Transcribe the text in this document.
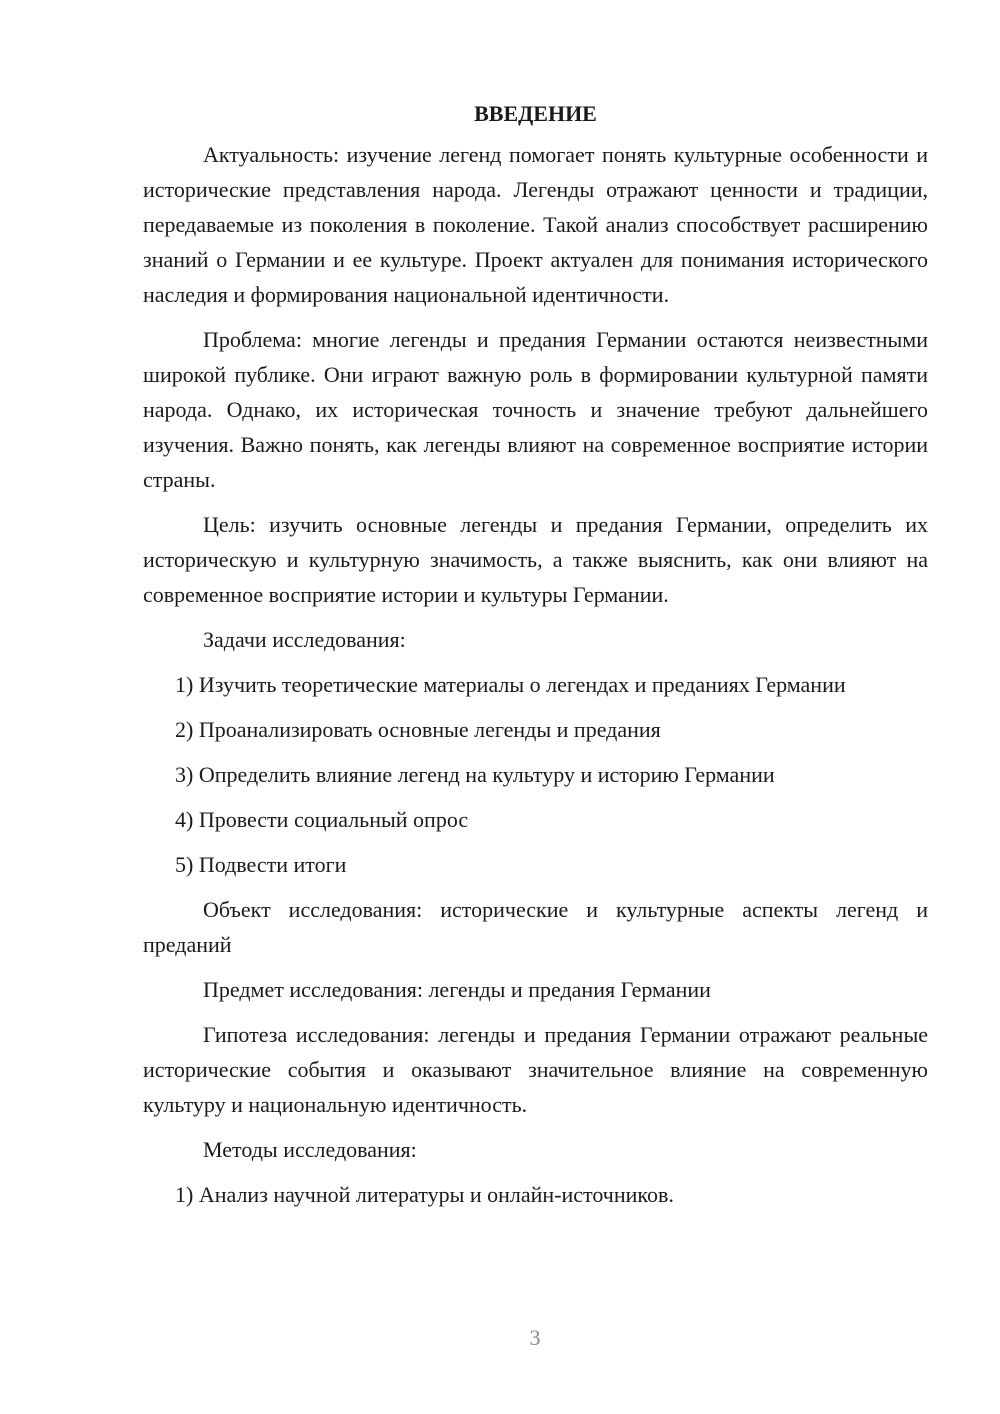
ВВЕДЕНИЕ

Актуальность: изучение легенд помогает понять культурные особенности и исторические представления народа. Легенды отражают ценности и традиции, передаваемые из поколения в поколение. Такой анализ способствует расширению знаний о Германии и ее культуре. Проект актуален для понимания исторического наследия и формирования национальной идентичности.

Проблема: многие легенды и предания Германии остаются неизвестными широкой публике. Они играют важную роль в формировании культурной памяти народа. Однако, их историческая точность и значение требуют дальнейшего изучения. Важно понять, как легенды влияют на современное восприятие истории страны.

Цель: изучить основные легенды и предания Германии, определить их историческую и культурную значимость, а также выяснить, как они влияют на современное восприятие истории и культуры Германии.

Задачи исследования:

1) Изучить теоретические материалы о легендах и преданиях Германии

2) Проанализировать основные легенды и предания

3) Определить влияние легенд на культуру и историю Германии

4) Провести социальный опрос

5) Подвести итоги

Объект исследования: исторические и культурные аспекты легенд и преданий

Предмет исследования: легенды и предания Германии

Гипотеза исследования: легенды и предания Германии отражают реальные исторические события и оказывают значительное влияние на современную культуру и национальную идентичность.

Методы исследования:

1) Анализ научной литературы и онлайн-источников.

3
